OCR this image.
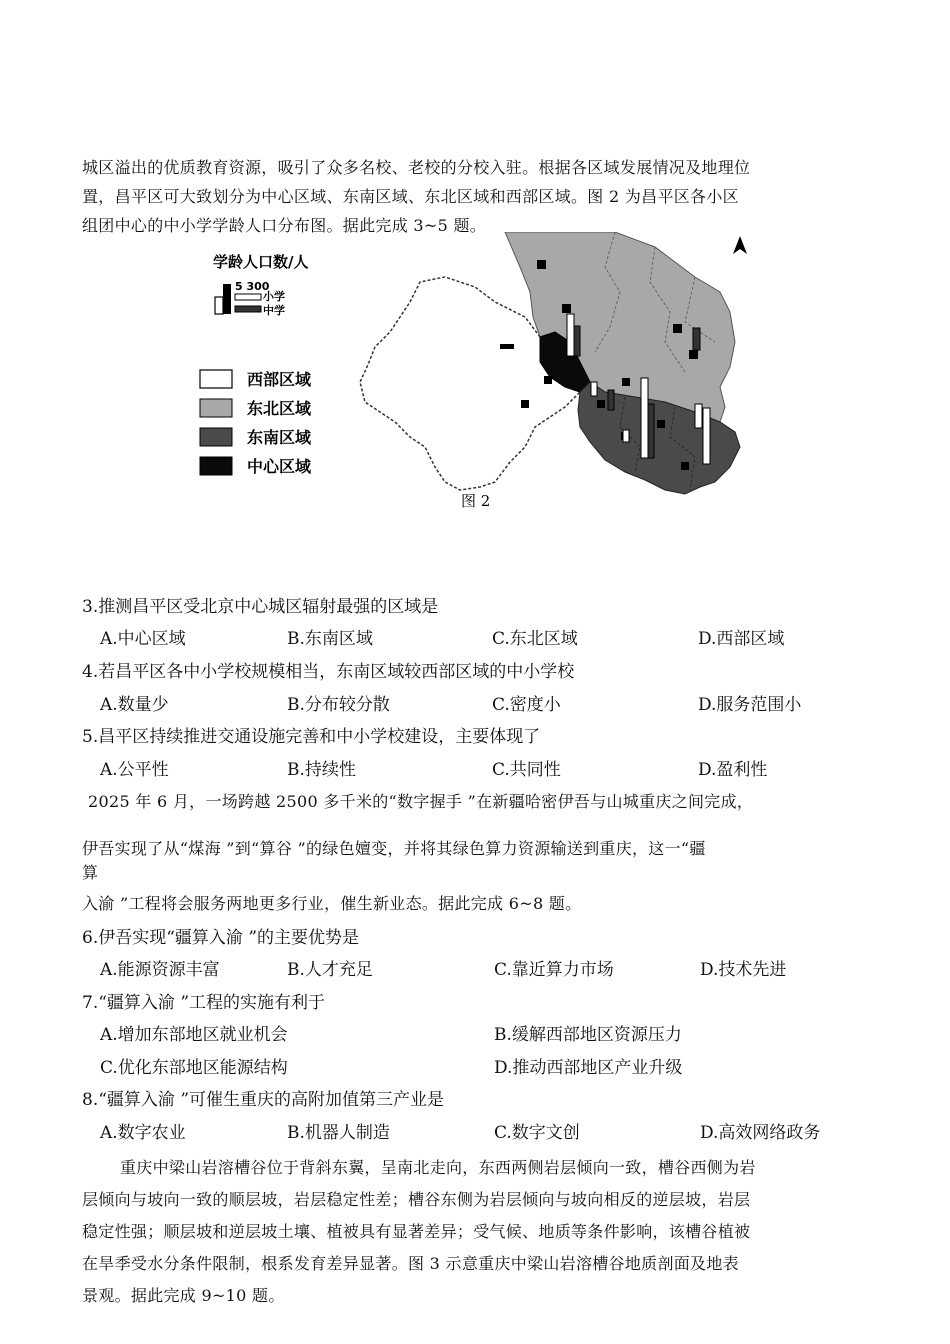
城区溢出的优质教育资源，吸引了众多名校、老校的分校入驻。根据各区域发展情况及地理位
置，昌平区可大致划分为中心区域、东南区域、东北区域和西部区域。图 2 为昌平区各小区
组团中心的中小学学龄人口分布图。据此完成 3~5 题。
学龄人口数/人
5 300
小学
中学
西部区域
东北区域
东南区域
中心区域
图 2
3.推测昌平区受北京中心城区辐射最强的区域是
A.中心区域	B.东南区域	C.东北区域	D.西部区域
4.若昌平区各中小学校规模相当，东南区域较西部区域的中小学校
A.数量少	B.分布较分散	C.密度小	D.服务范围小
5.昌平区持续推进交通设施完善和中小学校建设，主要体现了
A.公平性	B.持续性	C.共同性	D.盈利性
2025 年 6 月，一场跨越 2500 多千米的“数字握手 ”在新疆哈密伊吾与山城重庆之间完成，
伊吾实现了从“煤海 ”到“算谷 ”的绿色嬗变，并将其绿色算力资源输送到重庆，这一“疆
算
入渝 ”工程将会服务两地更多行业，催生新业态。据此完成 6~8 题。
6.伊吾实现“疆算入渝 ”的主要优势是
A.能源资源丰富	B.人才充足	C.靠近算力市场	D.技术先进
7.“疆算入渝 ”工程的实施有利于
A.增加东部地区就业机会	B.缓解西部地区资源压力
C.优化东部地区能源结构	D.推动西部地区产业升级
8.“疆算入渝 ”可催生重庆的高附加值第三产业是
A.数字农业	B.机器人制造	C.数字文创	D.高效网络政务
重庆中梁山岩溶槽谷位于背斜东翼，呈南北走向，东西两侧岩层倾向一致，槽谷西侧为岩
层倾向与坡向一致的顺层坡，岩层稳定性差；槽谷东侧为岩层倾向与坡向相反的逆层坡，岩层
稳定性强；顺层坡和逆层坡土壤、植被具有显著差异；受气候、地质等条件影响，该槽谷植被
在旱季受水分条件限制，根系发育差异显著。图 3 示意重庆中梁山岩溶槽谷地质剖面及地表
景观。据此完成 9~10 题。
